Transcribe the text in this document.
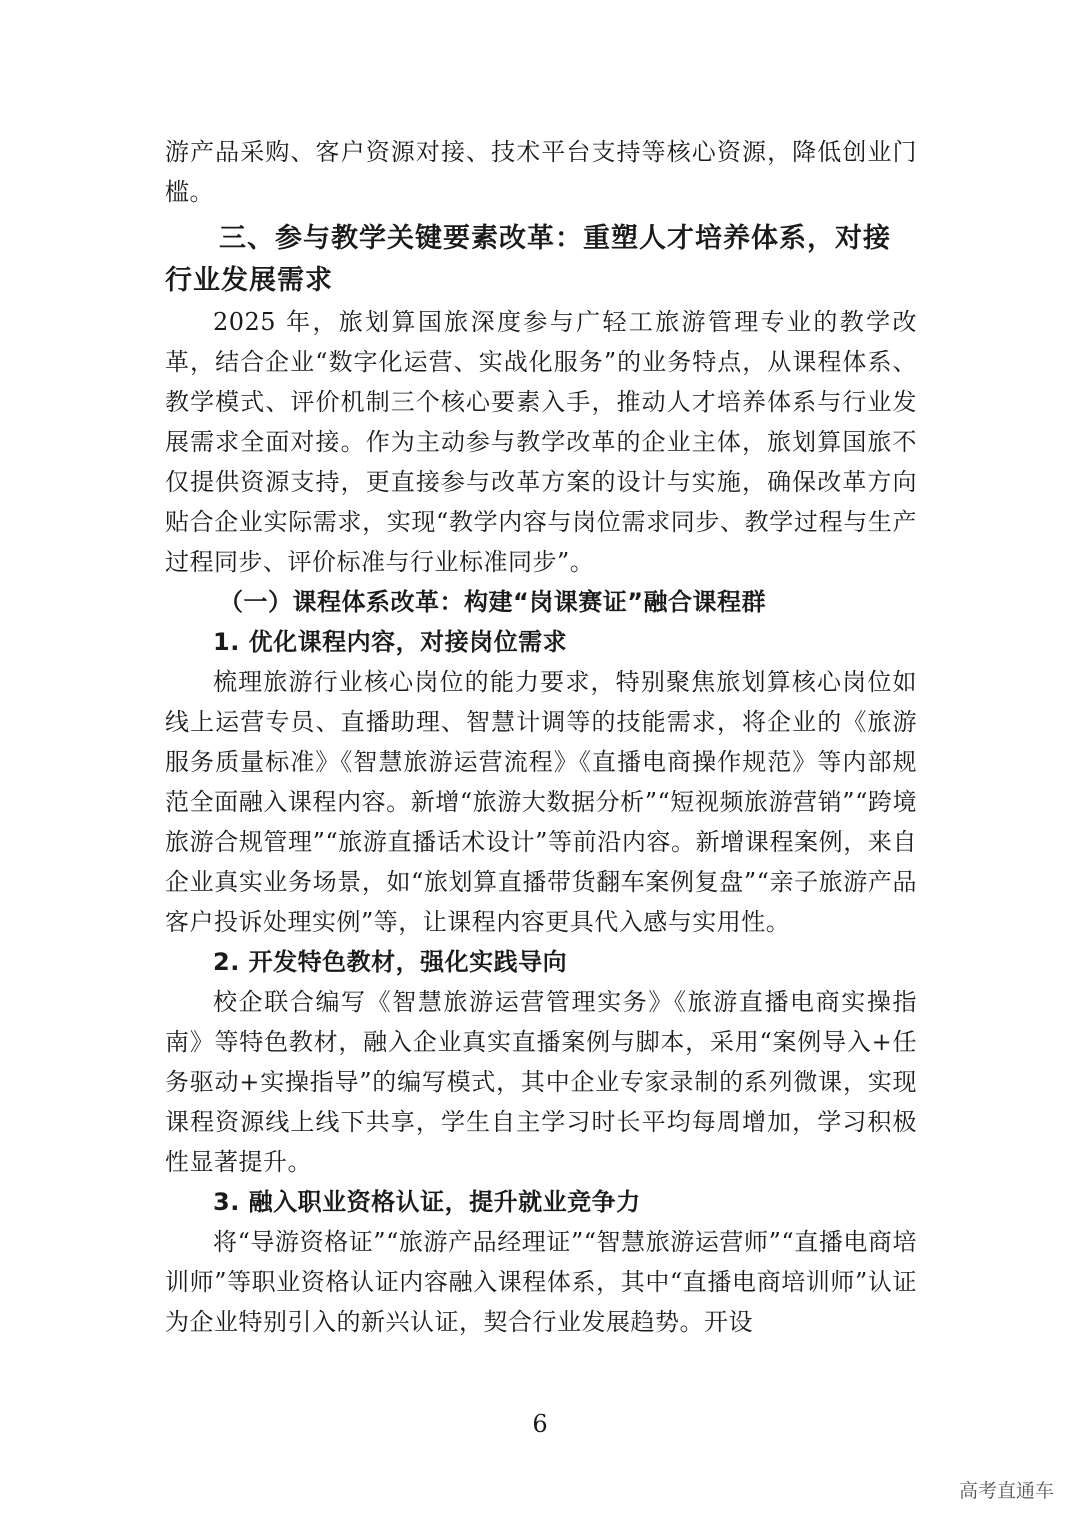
游产品采购、客户资源对接、技术平台支持等核心资源，降低创业门槛。

三、参与教学关键要素改革：重塑人才培养体系，对接行业发展需求

2025 年，旅划算国旅深度参与广轻工旅游管理专业的教学改革，结合企业“数字化运营、实战化服务”的业务特点，从课程体系、教学模式、评价机制三个核心要素入手，推动人才培养体系与行业发展需求全面对接。作为主动参与教学改革的企业主体，旅划算国旅不仅提供资源支持，更直接参与改革方案的设计与实施，确保改革方向贴合企业实际需求，实现“教学内容与岗位需求同步、教学过程与生产过程同步、评价标准与行业标准同步”。

（一）课程体系改革：构建“岗课赛证”融合课程群
1. 优化课程内容，对接岗位需求

梳理旅游行业核心岗位的能力要求，特别聚焦旅划算核心岗位如线上运营专员、直播助理、智慧计调等的技能需求，将企业的《旅游服务质量标准》《智慧旅游运营流程》《直播电商操作规范》等内部规范全面融入课程内容。新增“旅游大数据分析”“短视频旅游营销”“跨境旅游合规管理”“旅游直播话术设计”等前沿内容。新增课程案例，来自企业真实业务场景，如“旅划算直播带货翻车案例复盘”“亲子旅游产品客户投诉处理实例”等，让课程内容更具代入感与实用性。

2. 开发特色教材，强化实践导向

校企联合编写《智慧旅游运营管理实务》《旅游直播电商实操指南》等特色教材，融入企业真实直播案例与脚本，采用“案例导入+任务驱动+实操指导”的编写模式，其中企业专家录制的系列微课，实现课程资源线上线下共享，学生自主学习时长平均每周增加，学习积极性显著提升。

3. 融入职业资格认证，提升就业竞争力

将“导游资格证”“旅游产品经理证”“智慧旅游运营师”“直播电商培训师”等职业资格认证内容融入课程体系，其中“直播电商培训师”认证为企业特别引入的新兴认证，契合行业发展趋势。开设

6
高考直通车
